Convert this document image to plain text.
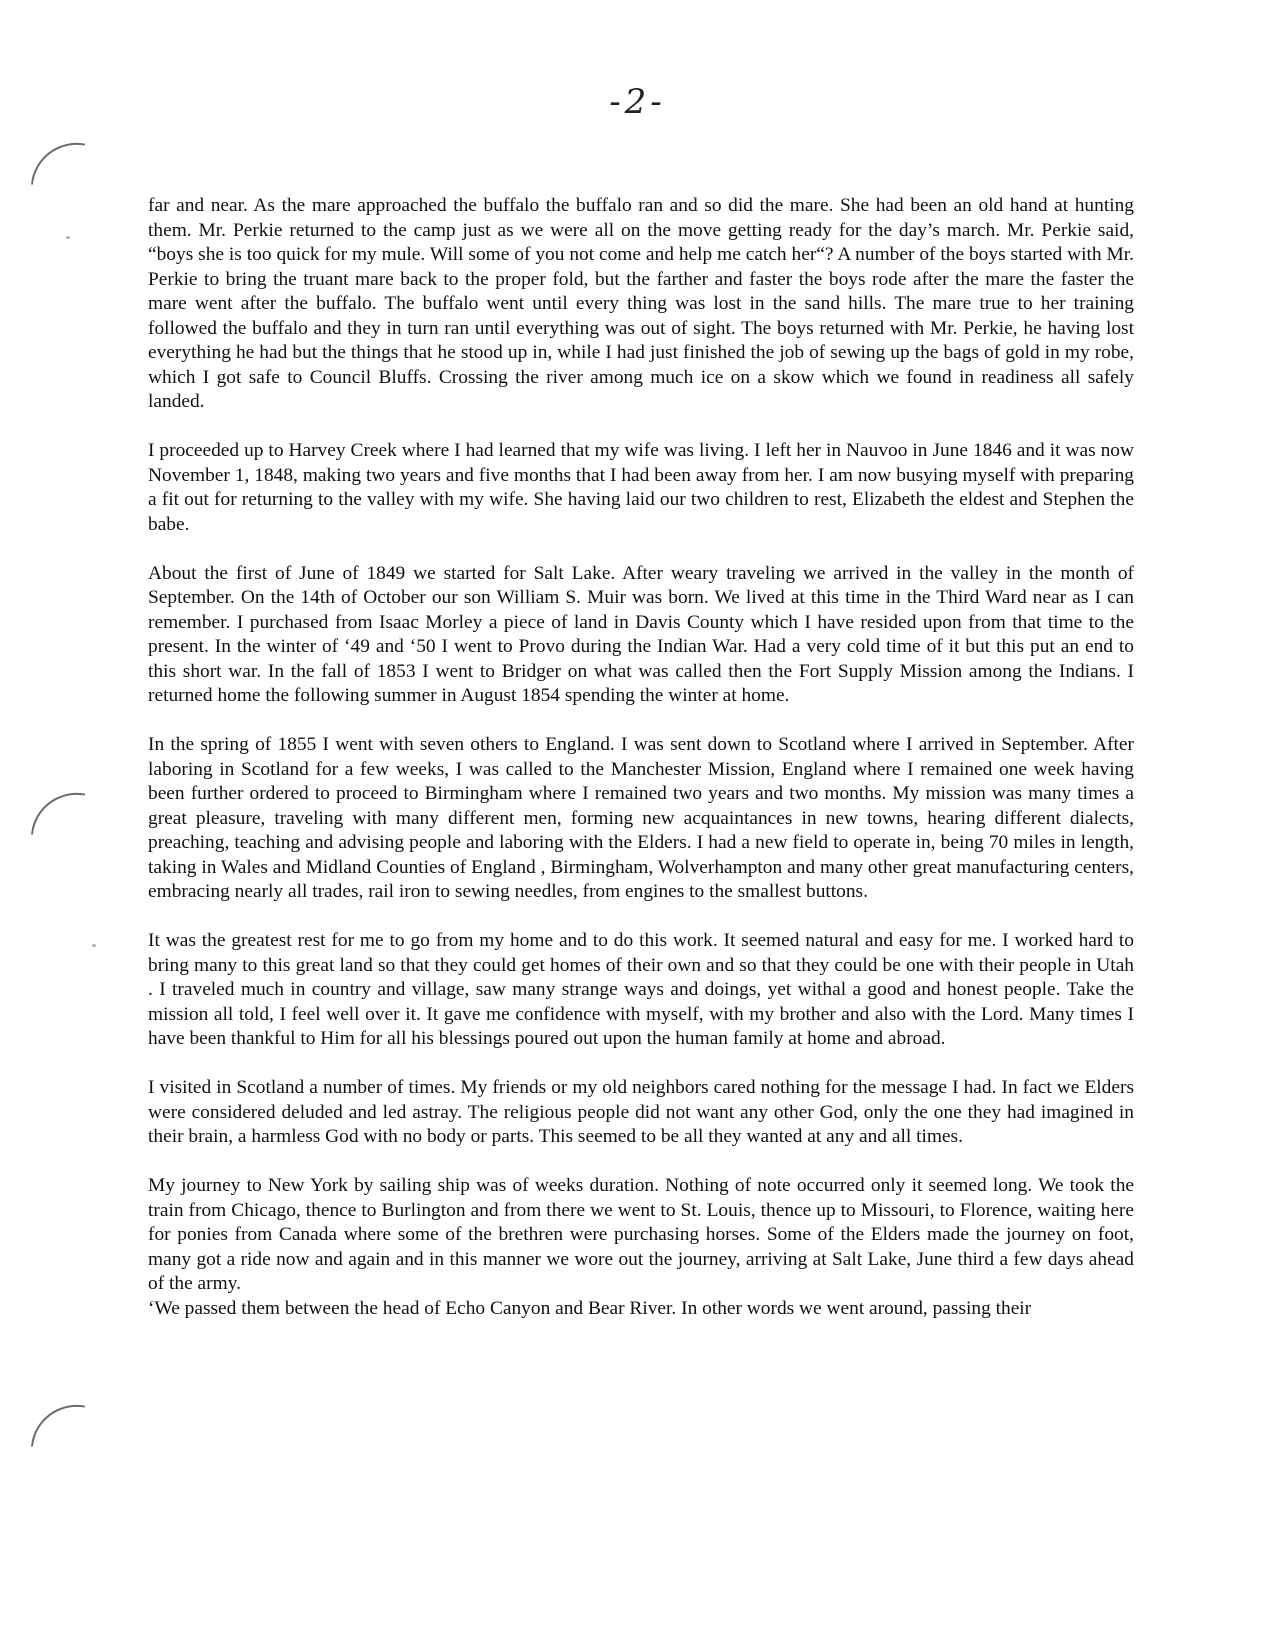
-2-

far and near. As the mare approached the buffalo the buffalo ran and so did the mare. She had been an old hand at hunting them. Mr. Perkie returned to the camp just as we were all on the move getting ready for the day’s march. Mr. Perkie said, “boys she is too quick for my mule. Will some of you not come and help me catch her“? A number of the boys started with Mr. Perkie to bring the truant mare back to the proper fold, but the farther and faster the boys rode after the mare the faster the mare went after the buffalo. The buffalo went until every thing was lost in the sand hills. The mare true to her training followed the buffalo and they in turn ran until everything was out of sight. The boys returned with Mr. Perkie, he having lost everything he had but the things that he stood up in, while I had just finished the job of sewing up the bags of gold in my robe, which I got safe to Council Bluffs. Crossing the river among much ice on a skow which we found in readiness all safely landed.

I proceeded up to Harvey Creek where I had learned that my wife was living. I left her in Nauvoo in June 1846 and it was now November 1, 1848, making two years and five months that I had been away from her. I am now busying myself with preparing a fit out for returning to the valley with my wife. She having laid our two children to rest, Elizabeth the eldest and Stephen the babe.

About the first of June of 1849 we started for Salt Lake. After weary traveling we arrived in the valley in the month of September. On the 14th of October our son William S. Muir was born. We lived at this time in the Third Ward near as I can remember. I purchased from Isaac Morley a piece of land in Davis County which I have resided upon from that time to the present. In the winter of ‘49 and ‘50 I went to Provo during the Indian War. Had a very cold time of it but this put an end to this short war. In the fall of 1853 I went to Bridger on what was called then the Fort Supply Mission among the Indians. I returned home the following summer in August 1854 spending the winter at home.

In the spring of 1855 I went with seven others to England. I was sent down to Scotland where I arrived in September. After laboring in Scotland for a few weeks, I was called to the Manchester Mission, England where I remained one week having been further ordered to proceed to Birmingham where I remained two years and two months. My mission was many times a great pleasure, traveling with many different men, forming new acquaintances in new towns, hearing different dialects, preaching, teaching and advising people and laboring with the Elders. I had a new field to operate in, being 70 miles in length, taking in Wales and Midland Counties of England , Birmingham, Wolverhampton and many other great manufacturing centers, embracing nearly all trades, rail iron to sewing needles, from engines to the smallest buttons.

It was the greatest rest for me to go from my home and to do this work. It seemed natural and easy for me. I worked hard to bring many to this great land so that they could get homes of their own and so that they could be one with their people in Utah . I traveled much in country and village, saw many strange ways and doings, yet withal a good and honest people. Take the mission all told, I feel well over it. It gave me confidence with myself, with my brother and also with the Lord. Many times I have been thankful to Him for all his blessings poured out upon the human family at home and abroad.

I visited in Scotland a number of times. My friends or my old neighbors cared nothing for the message I had. In fact we Elders were considered deluded and led astray. The religious people did not want any other God, only the one they had imagined in their brain, a harmless God with no body or parts. This seemed to be all they wanted at any and all times.

My journey to New York by sailing ship was of weeks duration. Nothing of note occurred only it seemed long. We took the train from Chicago, thence to Burlington and from there we went to St. Louis, thence up to Missouri, to Florence, waiting here for ponies from Canada where some of the brethren were purchasing horses. Some of the Elders made the journey on foot, many got a ride now and again and in this manner we wore out the journey, arriving at Salt Lake, June third a few days ahead of the army.

‘We passed them between the head of Echo Canyon and Bear River. In other words we went around, passing their
